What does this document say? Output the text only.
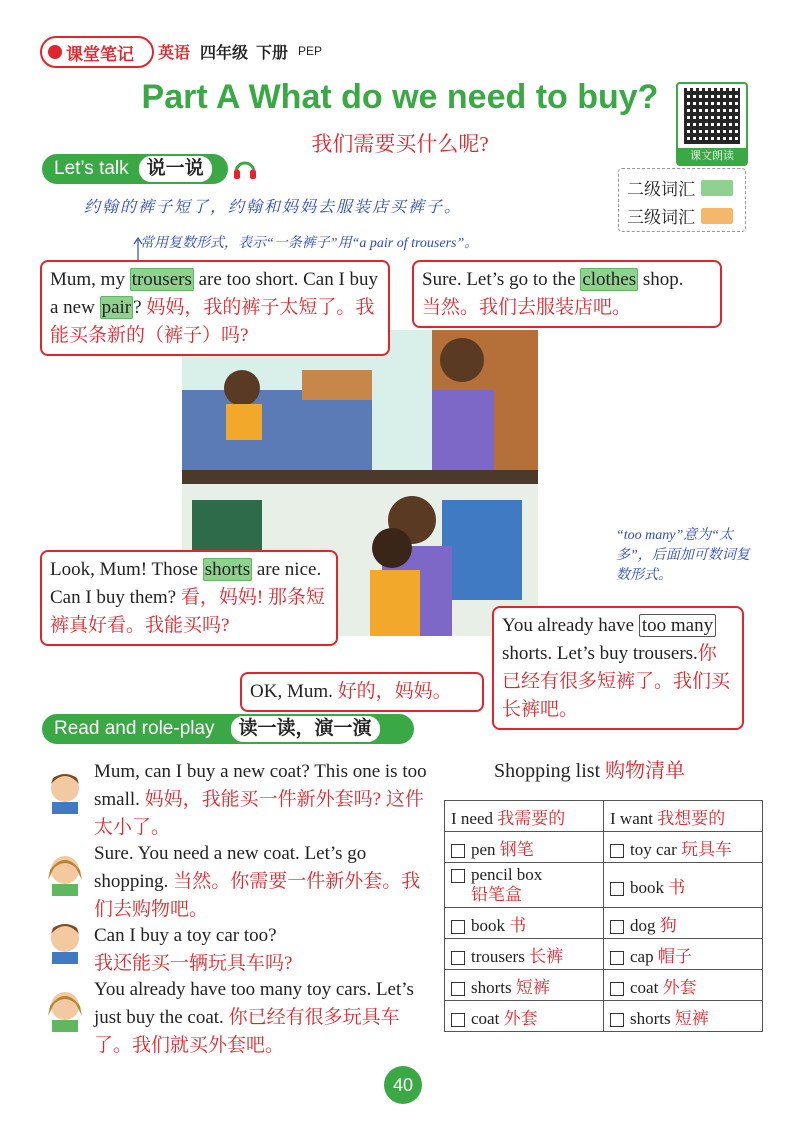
课堂笔记 英语 四年级 下册 PEP
Part A What do we need to buy?
我们需要买什么呢?	课文朗读
Let’s talk 说一说
约翰的裤子短了，约翰和妈妈去服装店买裤子。
二级词汇
三级词汇
常用复数形式，表示“一条裤子”用“a pair of trousers”。
Mum, my trousers are too short. Can I buy a new pair ? 妈妈，我的裤子太短了。我能买条新的（裤子）吗?
Sure. Let’s go to the clothes shop.
当然。我们去服装店吧。
Look, Mum! Those shorts are nice. Can I buy them? 看，妈妈! 那条短裤真好看。我能买吗?
“too many”意为“太多”，后面加可数词复数形式。
You already have too many shorts. Let’s buy trousers.你已经有很多短裤了。我们买长裤吧。
OK, Mum. 好的，妈妈。
Read and role-play	读一读，演一演
Mum, can I buy a new coat? This one is too small. 妈妈，我能买一件新外套吗? 这件太小了。
Sure. You need a new coat. Let’s go shopping. 当然。你需要一件新外套。我们去购物吧。
Can I buy a toy car too?
我还能买一辆玩具车吗?
You already have too many toy cars. Let’s just buy the coat. 你已经有很多玩具车了。我们就买外套吧。
Shopping list 购物清单
I need 我需要的	I want 我想要的
pen 钢笔	toy car 玩具车
pencil box
铅笔盒	book 书
book 书	dog 狗
trousers 长裤	cap 帽子
shorts 短裤	coat 外套
coat 外套	shorts 短裤
40
